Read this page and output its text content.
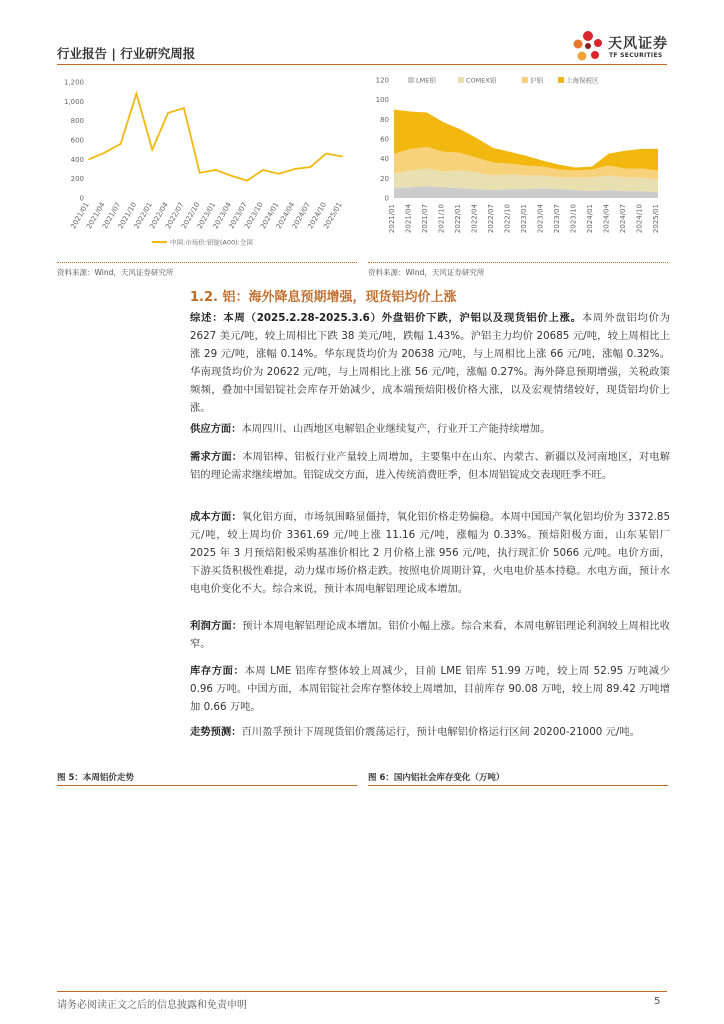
行业报告 | 行业研究周报
天风证券
TF SECURITIES
0
200
400
600
800
1,000
1,200
2021/01
2021/04
2021/07
2021/10
2022/01
2022/04
2022/07
2022/10
2023/01
2023/04
2023/07
2023/10
2024/01
2024/04
2024/07
2024/10
2025/01
中国:市场价:铝锭(A00):全国
0
20
40
60
80
100
120
2021/01 2021/04 2021/07 2021/10 2022/01 2022/04 2022/07 2022/10 2023/01 2023/04 2023/07 2023/10 2024/01 2024/04 2024/07 2024/10 2025/01
LME铝	COMEX铝	沪铝	上海保税区
资料来源：Wind，天风证券研究所	资料来源：Wind，天风证券研究所
1.2. 铝：海外降息预期增强，现货铝均价上涨
综述：本周（2025.2.28-2025.3.6）外盘铝价下跌，沪铝以及现货铝价上涨。本周外盘铝均价为 2627 美元/吨，较上周相比下跌 38 美元/吨，跌幅 1.43%。沪铝主力均价 20685 元/吨，较上周相比上涨 29 元/吨，涨幅 0.14%。华东现货均价为 20638 元/吨，与上周相比上涨 66 元/吨，涨幅 0.32%。华南现货均价为 20622 元/吨，与上周相比上涨 56 元/吨，涨幅 0.27%。海外降息预期增强，关税政策频频，叠加中国铝锭社会库存开始减少，成本端预焙阳极价格大涨，以及宏观情绪较好，现货铝均价上涨。
供应方面：本周四川、山西地区电解铝企业继续复产，行业开工产能持续增加。
需求方面：本周铝棒、铝板行业产量较上周增加，主要集中在山东、内蒙古、新疆以及河南地区，对电解铝的理论需求继续增加。铝锭成交方面，进入传统消费旺季，但本周铝锭成交表现旺季不旺。
成本方面：氧化铝方面，市场氛围略显僵持，氧化铝价格走势偏稳。本周中国国产氧化铝均价为 3372.85 元/吨，较上周均价 3361.69 元/吨上涨 11.16 元/吨，涨幅为 0.33%。预焙阳极方面，山东某铝厂 2025 年 3 月预焙阳极采购基准价相比 2 月价格上涨 956 元/吨，执行现汇价 5066 元/吨。电价方面，下游买货积极性难提，动力煤市场价格走跌。按照电价周期计算，火电电价基本持稳。水电方面，预计水电电价变化不大。综合来说，预计本周电解铝理论成本增加。
利润方面：预计本周电解铝理论成本增加。铝价小幅上涨。综合来看，本周电解铝理论利润较上周相比收窄。
库存方面：本周 LME 铝库存整体较上周减少，目前 LME 铝库 51.99 万吨，较上周 52.95 万吨减少 0.96 万吨。中国方面，本周铝锭社会库存整体较上周增加，目前库存 90.08 万吨，较上周 89.42 万吨增加 0.66 万吨。
走势预测：百川盈孚预计下周现货铝价震荡运行，预计电解铝价格运行区间 20200-21000 元/吨。
图 5：本周铝价走势	图 6：国内铝社会库存变化（万吨）
请务必阅读正文之后的信息披露和免责申明	5
